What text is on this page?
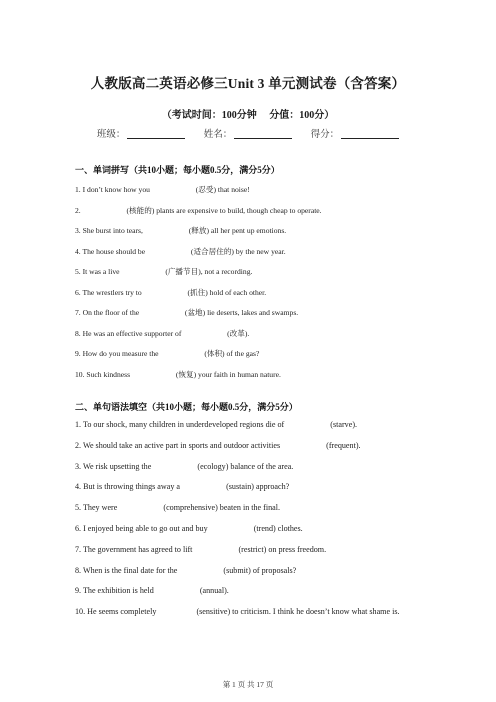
人教版高二英语必修三Unit 3 单元测试卷（含答案）
（考试时间：100分钟 分值：100分）
班级：	姓名：	得分：
一、单词拼写（共10小题；每小题0.5分，满分5分）
1. I don’t know how you	(忍受) that noise!
2.	(核能的) plants are expensive to build, though cheap to operate.
3. She burst into tears,	(释放) all her pent up emotions.
4. The house should be	(适合居住的) by the new year.
5. It was a live	(广播节目), not a recording.
6. The wrestlers try to	(抓住) hold of each other.
7. On the floor of the	(盆地) lie deserts, lakes and swamps.
8. He was an effective supporter of	(改革).
9. How do you measure the	(体积) of the gas?
10. Such kindness	(恢复) your faith in human nature.
二、单句语法填空（共10小题；每小题0.5分，满分5分）
1. To our shock, many children in underdeveloped regions die of	(starve).
2. We should take an active part in sports and outdoor activities	(frequent).
3. We risk upsetting the	(ecology) balance of the area.
4. But is throwing things away a	(sustain) approach?
5. They were	(comprehensive) beaten in the final.
6. I enjoyed being able to go out and buy	(trend) clothes.
7. The government has agreed to lift	(restrict) on press freedom.
8. When is the final date for the	(submit) of proposals?
9. The exhibition is held	(annual).
10. He seems completely	(sensitive) to criticism. I think he doesn’t know what shame is.
第 1 页 共 17 页
